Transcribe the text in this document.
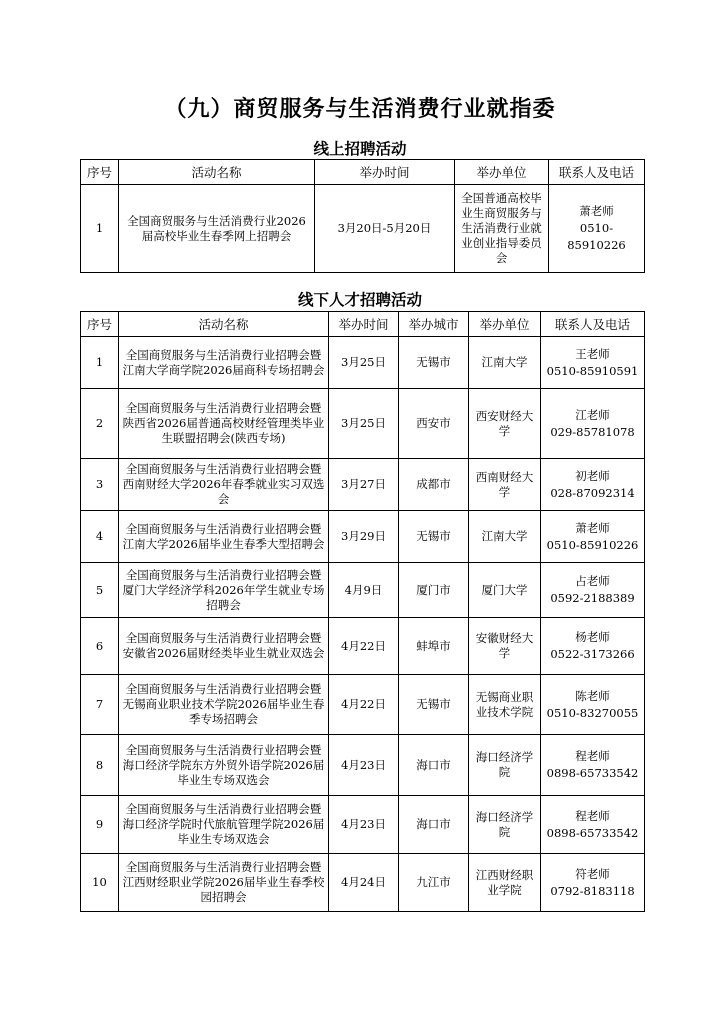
（九）商贸服务与生活消费行业就指委
线上招聘活动
序号	活动名称	举办时间	举办单位	联系人及电话
1	全国商贸服务与生活消费行业2026届高校毕业生春季网上招聘会	3月20日-5月20日	全国普通高校毕业生商贸服务与生活消费行业就业创业指导委员会	萧老师
0510-85910226
线下人才招聘活动
序号	活动名称	举办时间	举办城市	举办单位	联系人及电话
1	全国商贸服务与生活消费行业招聘会暨江南大学商学院2026届商科专场招聘会	3月25日	无锡市	江南大学	王老师
0510-85910591

2	全国商贸服务与生活消费行业招聘会暨陕西省2026届普通高校财经管理类毕业生联盟招聘会(陕西专场)	3月25日	西安市	西安财经大学	江老师
029-85781078

3	全国商贸服务与生活消费行业招聘会暨西南财经大学2026年春季就业实习双选会	3月27日	成都市	西南财经大学	初老师
028-87092314

4	全国商贸服务与生活消费行业招聘会暨江南大学2026届毕业生春季大型招聘会	3月29日	无锡市	江南大学	萧老师
0510-85910226

5	全国商贸服务与生活消费行业招聘会暨厦门大学经济学科2026年学生就业专场招聘会	4月9日	厦门市	厦门大学	占老师
0592-2188389

6	全国商贸服务与生活消费行业招聘会暨安徽省2026届财经类毕业生就业双选会	4月22日	蚌埠市	安徽财经大学	杨老师
0522-3173266

7	全国商贸服务与生活消费行业招聘会暨无锡商业职业技术学院2026届毕业生春季专场招聘会	4月22日	无锡市	无锡商业职业技术学院	陈老师
0510-83270055

8	全国商贸服务与生活消费行业招聘会暨海口经济学院东方外贸外语学院2026届毕业生专场双选会	4月23日	海口市	海口经济学院	程老师
0898-65733542

9	全国商贸服务与生活消费行业招聘会暨海口经济学院时代旅航管理学院2026届毕业生专场双选会	4月23日	海口市	海口经济学院	程老师
0898-65733542

10	全国商贸服务与生活消费行业招聘会暨江西财经职业学院2026届毕业生春季校园招聘会	4月24日	九江市	江西财经职业学院	符老师
0792-8183118
